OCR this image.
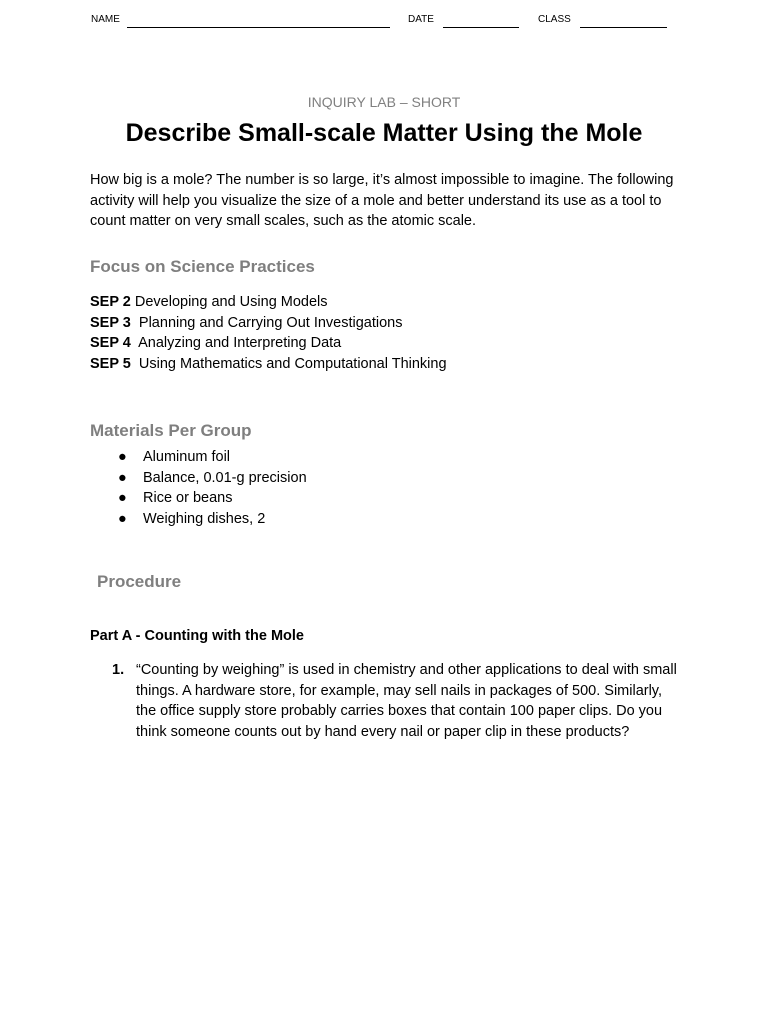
NAME	DATE	CLASS
INQUIRY LAB – SHORT
Describe Small-scale Matter Using the Mole
How big is a mole? The number is so large, it’s almost impossible to imagine. The following activity will help you visualize the size of a mole and better understand its use as a tool to count matter on very small scales, such as the atomic scale.
Focus on Science Practices
SEP 2 Developing and Using Models
SEP 3  Planning and Carrying Out Investigations
SEP 4  Analyzing and Interpreting Data
SEP 5  Using Mathematics and Computational Thinking
Materials Per Group
● Aluminum foil
● Balance, 0.01-g precision
● Rice or beans
● Weighing dishes, 2
Procedure
Part A - Counting with the Mole
1. “Counting by weighing” is used in chemistry and other applications to deal with small things. A hardware store, for example, may sell nails in packages of 500. Similarly, the office supply store probably carries boxes that contain 100 paper clips. Do you think someone counts out by hand every nail or paper clip in these products?
